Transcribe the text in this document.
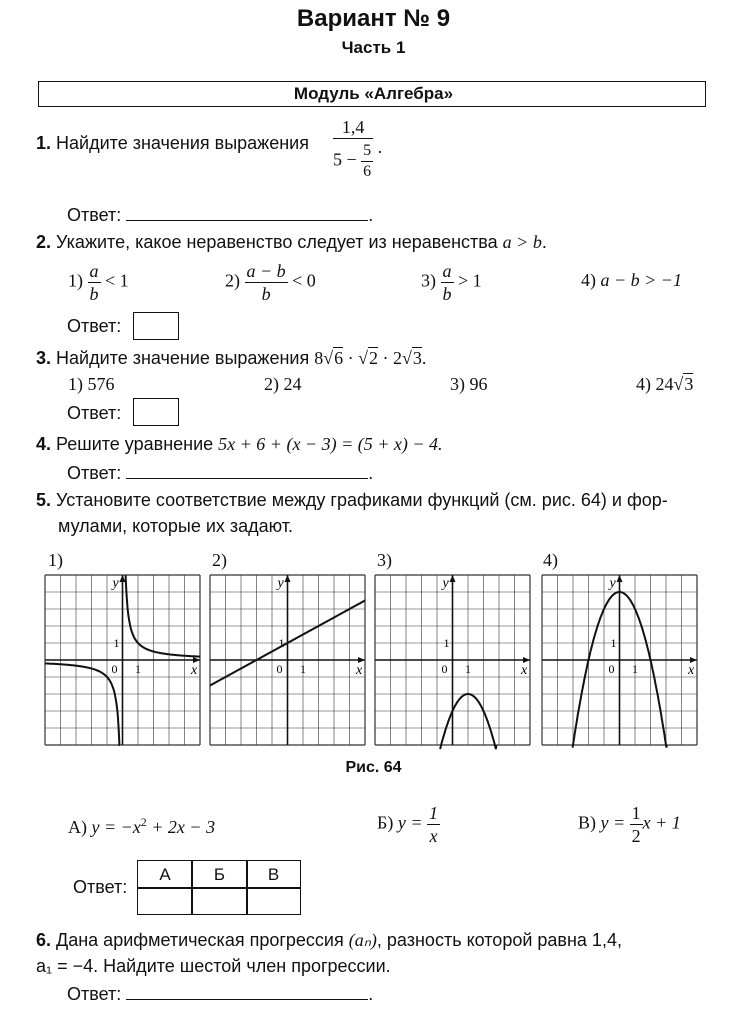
Вариант № 9
Часть 1
Модуль «Алгебра»
1. Найдите значения выражения $\frac{1,4}{5 - \frac{5}{6}}$ .
Ответ:	.
2. Укажите, какое неравенство следует из неравенства a > b.
$1) \frac{a}{b} < 1$	$2) \frac{a - b}{b} < 0$	$3) \frac{a}{b} > 1$	4) a − b > −1
Ответ:
3. Найдите значение выражения 8√6 · √2 · 2√3.
1) 576	2) 24	3) 96	4) 24√3
Ответ:
4. Решите уравнение 5x + 6 + (x − 3) = (5 + x) − 4.
Ответ:	.
5. Установите соответствие между графиками функций (см. рис. 64) и фор-
мулами, которые их задают.
1)	2)	3)	4)
x
y
0 1
1
x
y
0 1
1
x
y
0 1
1
x
y
0 1
1
Рис. 64
А) $y = -x^2 + 2x - 3$	Б) $y = \frac{1}{x}$	В) $y = \frac{1}{2}$ x + 1
Ответ:
А	Б	В
6. Дана арифметическая прогрессия (aₙ), разность которой равна 1,4,
a₁ = −4. Найдите шестой член прогрессии.
Ответ:	.
